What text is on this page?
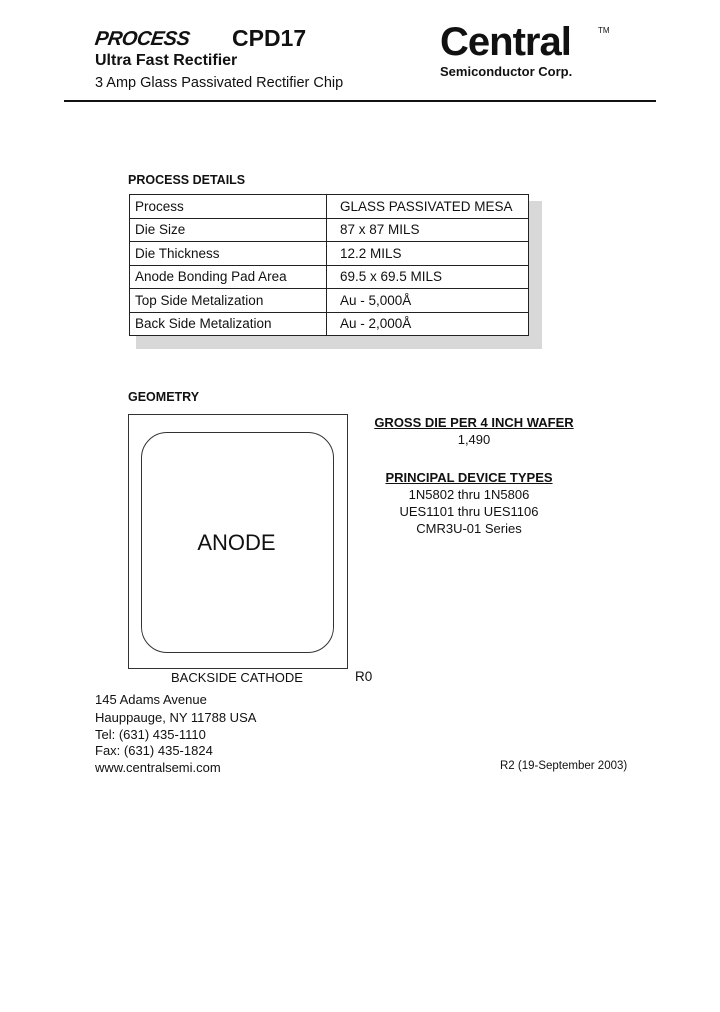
PROCESS CPD17
Ultra Fast Rectifier
3 Amp Glass Passivated Rectifier Chip
Central	TM
Semiconductor Corp.
PROCESS DETAILS
Process	GLASS PASSIVATED MESA
Die Size	87 x 87 MILS
Die Thickness	12.2 MILS
Anode Bonding Pad Area	69.5 x 69.5 MILS
Top Side Metalization	Au - 5,000Å
Back Side Metalization	Au - 2,000Å
GEOMETRY
ANODE
BACKSIDE CATHODE	R0
GROSS DIE PER 4 INCH WAFER
1,490
PRINCIPAL DEVICE TYPES
1N5802 thru 1N5806
UES1101 thru UES1106
CMR3U-01 Series
145 Adams Avenue
Hauppauge, NY 11788 USA
Tel: (631) 435-1110
Fax: (631) 435-1824
www.centralsemi.com	R2 (19-September 2003)
